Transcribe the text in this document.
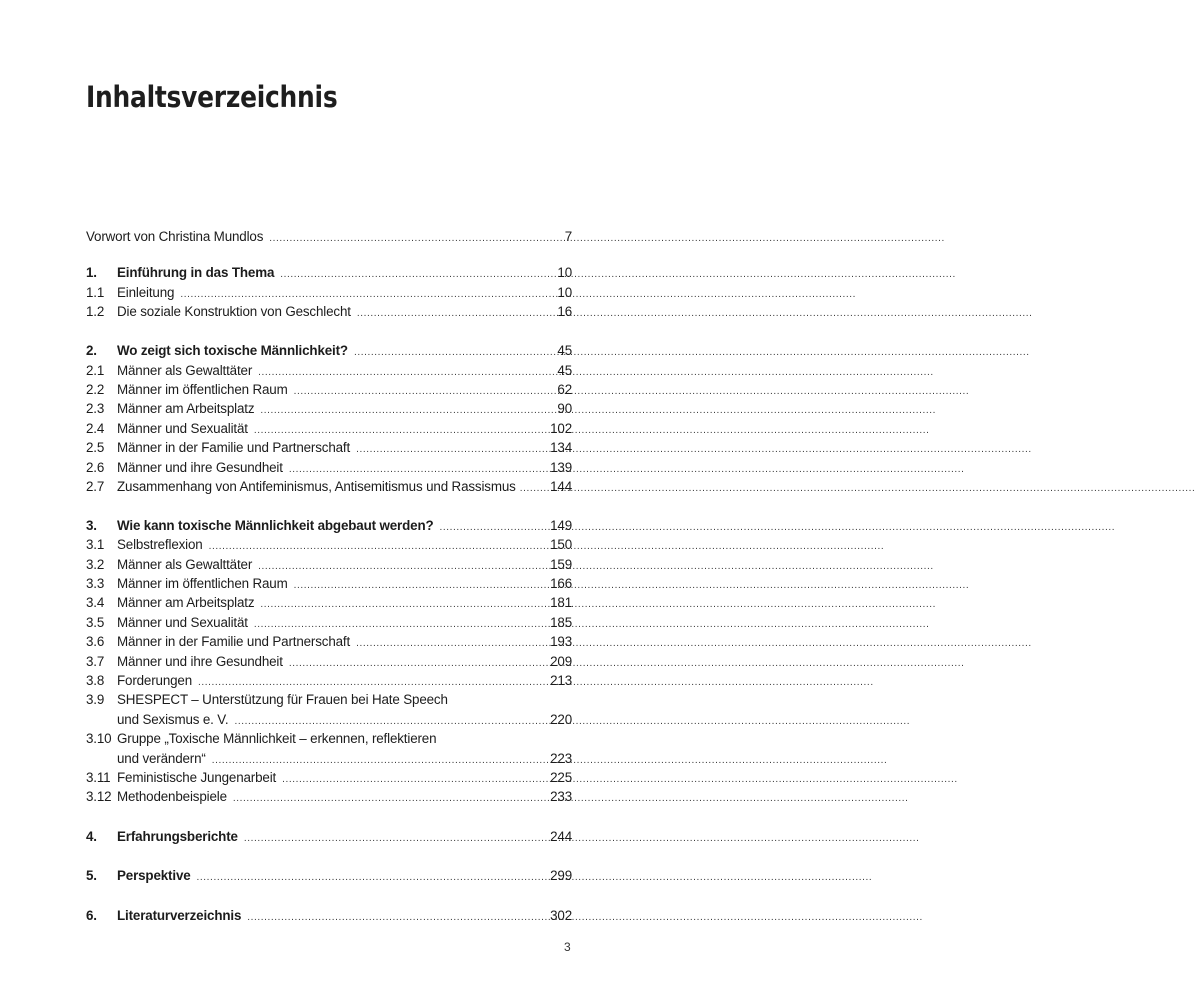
Inhaltsverzeichnis
Vorwort von Christina Mundlos .....	7
1.	Einführung in das Thema .....	10
1.1 Einleitung .....	10
1.2 Die soziale Konstruktion von Geschlecht .....	16
2.	Wo zeigt sich toxische Männlichkeit? .....	45
2.1 Männer als Gewalttäter .....	45
2.2 Männer im öffentlichen Raum .....	62
2.3 Männer am Arbeitsplatz .....	90
2.4 Männer und Sexualität .....	102
2.5 Männer in der Familie und Partnerschaft .....	134
2.6 Männer und ihre Gesundheit .....	139
2.7 Zusammenhang von Antifeminismus, Antisemitismus und Rassismus .....	144
3.	Wie kann toxische Männlichkeit abgebaut werden? .....	149
3.1 Selbstreflexion .....	150
3.2 Männer als Gewalttäter .....	159
3.3 Männer im öffentlichen Raum .....	166
3.4 Männer am Arbeitsplatz .....	181
3.5 Männer und Sexualität .....	185
3.6 Männer in der Familie und Partnerschaft .....	193
3.7 Männer und ihre Gesundheit .....	209
3.8 Forderungen .....	213
3.9 SHESPECT – Unterstützung für Frauen bei Hate Speech
und Sexismus e. V. .....	220
3.10 Gruppe „Toxische Männlichkeit – erkennen, reflektieren
und verändern“ .....	223
3.11 Feministische Jungenarbeit .....	225
3.12 Methodenbeispiele .....	233
4.	Erfahrungsberichte .....	244
5.	Perspektive .....	299
6.	Literaturverzeichnis .....	302
3
